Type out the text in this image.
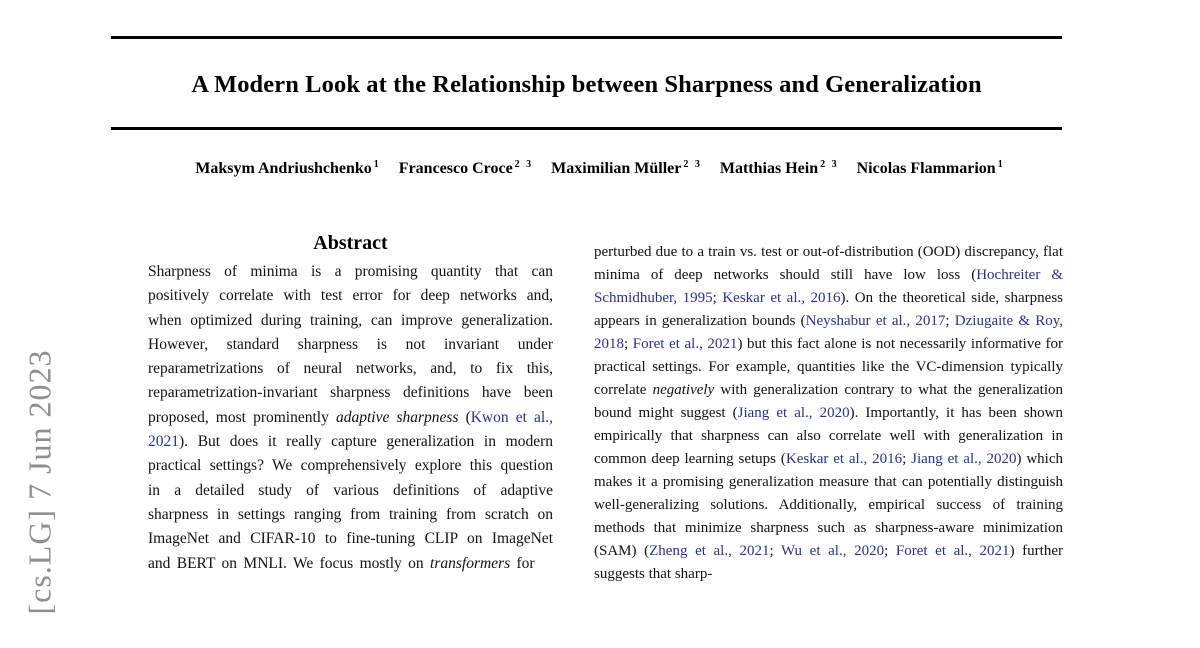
[cs.LG] 7 Jun 2023
A Modern Look at the Relationship between Sharpness and Generalization
Maksym Andriushchenko $^1$ Francesco Croce $^{2 3}$ Maximilian Müller $^{2 3}$ Matthias Hein $^{2 3}$ Nicolas Flammarion $^1$
Abstract

Sharpness of minima is a promising quantity that can positively correlate with test error for deep networks and, when optimized during training, can improve generalization. However, standard sharpness is not invariant under reparametrizations of neural networks, and, to fix this, reparametrization-invariant sharpness definitions have been proposed, most prominently adaptive sharpness (Kwon et al., 2021). But does it really capture generalization in modern practical settings? We comprehensively explore this question in a detailed study of various definitions of adaptive sharpness in settings ranging from training from scratch on ImageNet and CIFAR-10 to fine-tuning CLIP on ImageNet and BERT on MNLI. We focus mostly on transformers for

perturbed due to a train vs. test or out-of-distribution (OOD) discrepancy, flat minima of deep networks should still have low loss (Hochreiter & Schmidhuber, 1995; Keskar et al., 2016). On the theoretical side, sharpness appears in generalization bounds (Neyshabur et al., 2017; Dziugaite & Roy, 2018; Foret et al., 2021) but this fact alone is not necessarily informative for practical settings. For example, quantities like the VC-dimension typically correlate negatively with generalization contrary to what the generalization bound might suggest (Jiang et al., 2020). Importantly, it has been shown empirically that sharpness can also correlate well with generalization in common deep learning setups (Keskar et al., 2016; Jiang et al., 2020) which makes it a promising generalization measure that can potentially distinguish well-generalizing solutions. Additionally, empirical success of training methods that minimize sharpness such as sharpness-aware minimization (SAM) (Zheng et al., 2021; Wu et al., 2020; Foret et al., 2021) further suggests that sharp-
